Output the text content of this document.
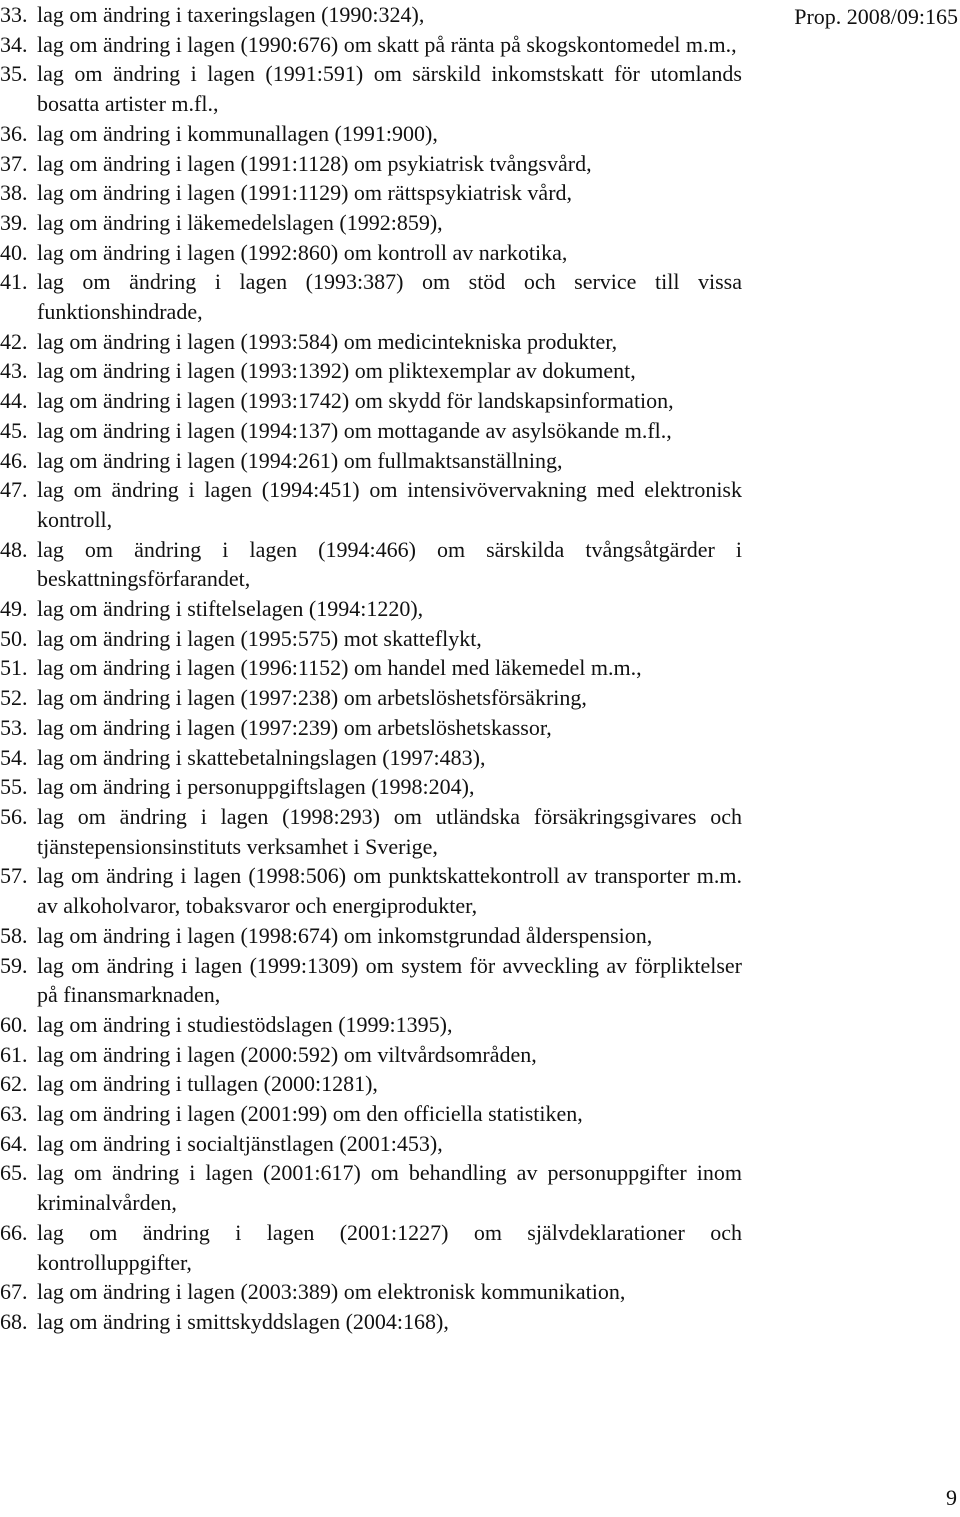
Prop. 2008/09:165
33. lag om ändring i taxeringslagen (1990:324),
34. lag om ändring i lagen (1990:676) om skatt på ränta på skogskontomedel m.m.,
35. lag om ändring i lagen (1991:591) om särskild inkomstskatt för utomlands bosatta artister m.fl.,
36. lag om ändring i kommunallagen (1991:900),
37. lag om ändring i lagen (1991:1128) om psykiatrisk tvångsvård,
38. lag om ändring i lagen (1991:1129) om rättspsykiatrisk vård,
39. lag om ändring i läkemedelslagen (1992:859),
40. lag om ändring i lagen (1992:860) om kontroll av narkotika,
41. lag om ändring i lagen (1993:387) om stöd och service till vissa funktionshindrade,
42. lag om ändring i lagen (1993:584) om medicintekniska produkter,
43. lag om ändring i lagen (1993:1392) om pliktexemplar av dokument,
44. lag om ändring i lagen (1993:1742) om skydd för landskapsinformation,
45. lag om ändring i lagen (1994:137) om mottagande av asylsökande m.fl.,
46. lag om ändring i lagen (1994:261) om fullmaktsanställning,
47. lag om ändring i lagen (1994:451) om intensivövervakning med elektronisk kontroll,
48. lag om ändring i lagen (1994:466) om särskilda tvångsåtgärder i beskattningsförfarandet,
49. lag om ändring i stiftelselagen (1994:1220),
50. lag om ändring i lagen (1995:575) mot skatteflykt,
51. lag om ändring i lagen (1996:1152) om handel med läkemedel m.m.,
52. lag om ändring i lagen (1997:238) om arbetslöshetsförsäkring,
53. lag om ändring i lagen (1997:239) om arbetslöshetskassor,
54. lag om ändring i skattebetalningslagen (1997:483),
55. lag om ändring i personuppgiftslagen (1998:204),
56. lag om ändring i lagen (1998:293) om utländska försäkringsgivares och tjänstepensionsinstituts verksamhet i Sverige,
57. lag om ändring i lagen (1998:506) om punktskattekontroll av transporter m.m. av alkoholvaror, tobaksvaror och energiprodukter,
58. lag om ändring i lagen (1998:674) om inkomstgrundad ålderspension,
59. lag om ändring i lagen (1999:1309) om system för avveckling av förpliktelser på finansmarknaden,
60. lag om ändring i studiestödslagen (1999:1395),
61. lag om ändring i lagen (2000:592) om viltvårdsområden,
62. lag om ändring i tullagen (2000:1281),
63. lag om ändring i lagen (2001:99) om den officiella statistiken,
64. lag om ändring i socialtjänstlagen (2001:453),
65. lag om ändring i lagen (2001:617) om behandling av personuppgifter inom kriminalvården,
66. lag om ändring i lagen (2001:1227) om självdeklarationer och kontrolluppgifter,
67. lag om ändring i lagen (2003:389) om elektronisk kommunikation,
68. lag om ändring i smittskyddslagen (2004:168),
9
